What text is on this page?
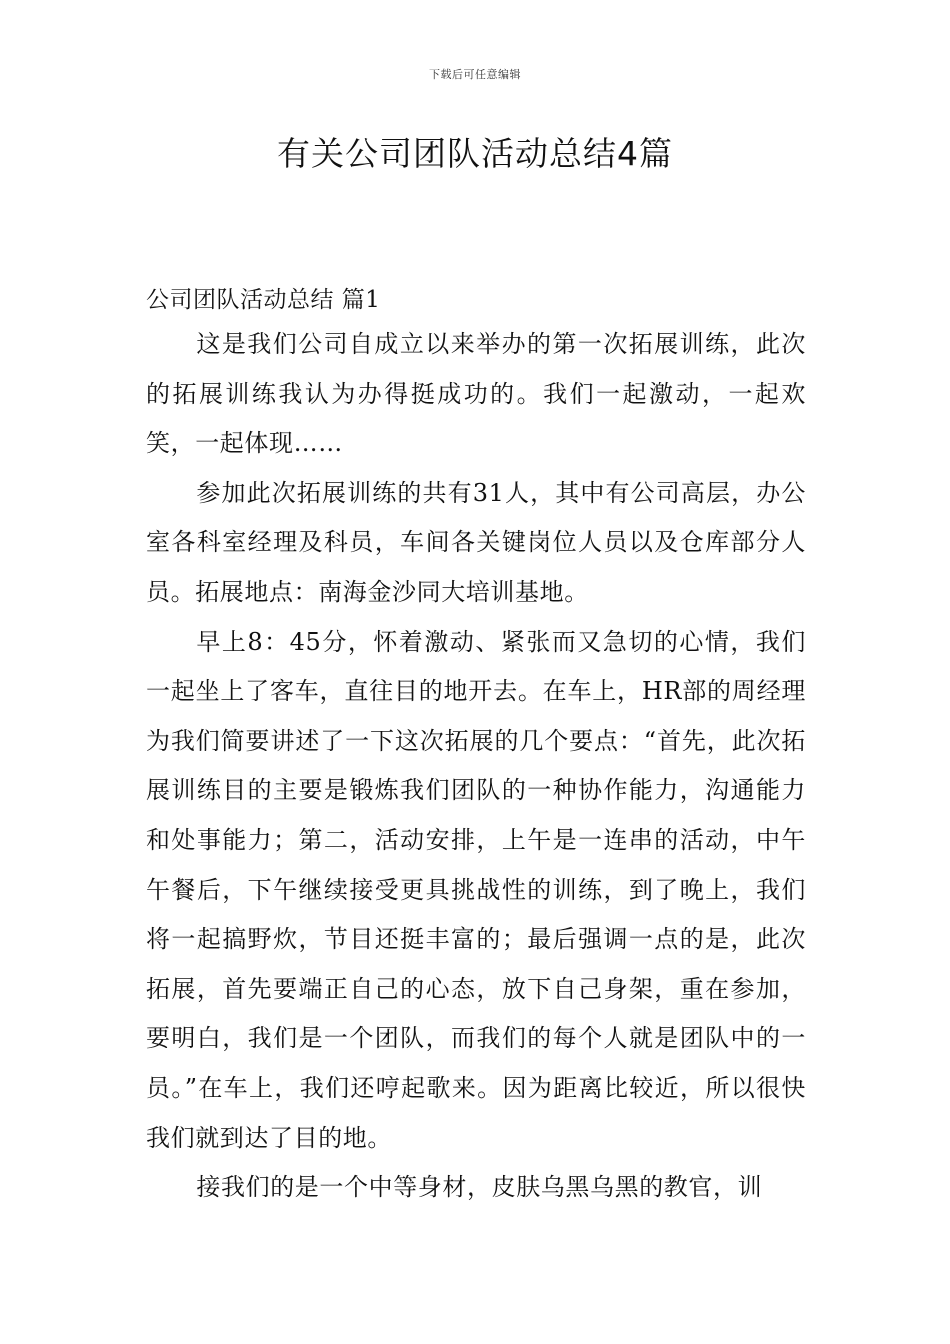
下载后可任意编辑
有关公司团队活动总结4篇

公司团队活动总结 篇1

这是我们公司自成立以来举办的第一次拓展训练，此次的拓展训练我认为办得挺成功的。我们一起激动，一起欢笑，一起体现……

参加此次拓展训练的共有31人，其中有公司高层，办公室各科室经理及科员，车间各关键岗位人员以及仓库部分人员。拓展地点：南海金沙同大培训基地。

早上8：45分，怀着激动、紧张而又急切的心情，我们一起坐上了客车，直往目的地开去。在车上，HR部的周经理为我们简要讲述了一下这次拓展的几个要点：“首先，此次拓展训练目的主要是锻炼我们团队的一种协作能力，沟通能力和处事能力；第二，活动安排，上午是一连串的活动，中午午餐后，下午继续接受更具挑战性的训练，到了晚上，我们将一起搞野炊，节目还挺丰富的；最后强调一点的是，此次拓展，首先要端正自己的心态，放下自己身架，重在参加，要明白，我们是一个团队，而我们的每个人就是团队中的一员。”在车上，我们还哼起歌来。因为距离比较近，所以很快我们就到达了目的地。

接我们的是一个中等身材，皮肤乌黑乌黑的教官，训
